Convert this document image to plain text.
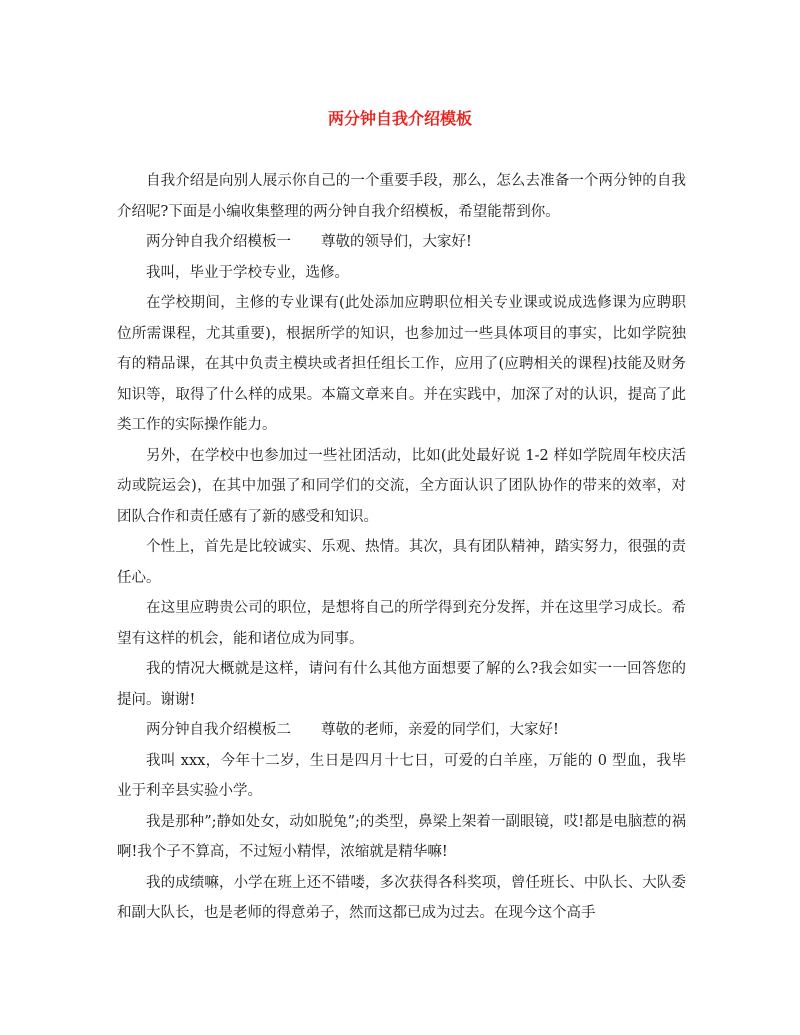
两分钟自我介绍模板

自我介绍是向别人展示你自己的一个重要手段，那么，怎么去准备一个两分钟的自我介绍呢?下面是小编收集整理的两分钟自我介绍模板，希望能帮到你。

两分钟自我介绍模板一 尊敬的领导们，大家好!

我叫，毕业于学校专业，选修。

在学校期间，主修的专业课有(此处添加应聘职位相关专业课或说成选修课为应聘职位所需课程，尤其重要)，根据所学的知识，也参加过一些具体项目的事实，比如学院独有的精品课，在其中负责主模块或者担任组长工作，应用了(应聘相关的课程)技能及财务知识等，取得了什么样的成果。本篇文章来自。并在实践中，加深了对的认识，提高了此类工作的实际操作能力。

另外，在学校中也参加过一些社团活动，比如(此处最好说 1-2 样如学院周年校庆活动或院运会)，在其中加强了和同学们的交流，全方面认识了团队协作的带来的效率，对团队合作和责任感有了新的感受和知识。

个性上，首先是比较诚实、乐观、热情。其次，具有团队精神，踏实努力，很强的责任心。

在这里应聘贵公司的职位，是想将自己的所学得到充分发挥，并在这里学习成长。希望有这样的机会，能和诸位成为同事。

我的情况大概就是这样，请问有什么其他方面想要了解的么?我会如实一一回答您的提问。谢谢!

两分钟自我介绍模板二 尊敬的老师，亲爱的同学们，大家好!

我叫 xxx，今年十二岁，生日是四月十七日，可爱的白羊座，万能的 0 型血，我毕业于利辛县实验小学。

我是那种”;静如处女，动如脱兔”;的类型，鼻梁上架着一副眼镜，哎!都是电脑惹的祸啊!我个子不算高，不过短小精悍，浓缩就是精华嘛!

我的成绩嘛，小学在班上还不错喽，多次获得各科奖项，曾任班长、中队长、大队委和副大队长，也是老师的得意弟子，然而这都已成为过去。在现今这个高手
